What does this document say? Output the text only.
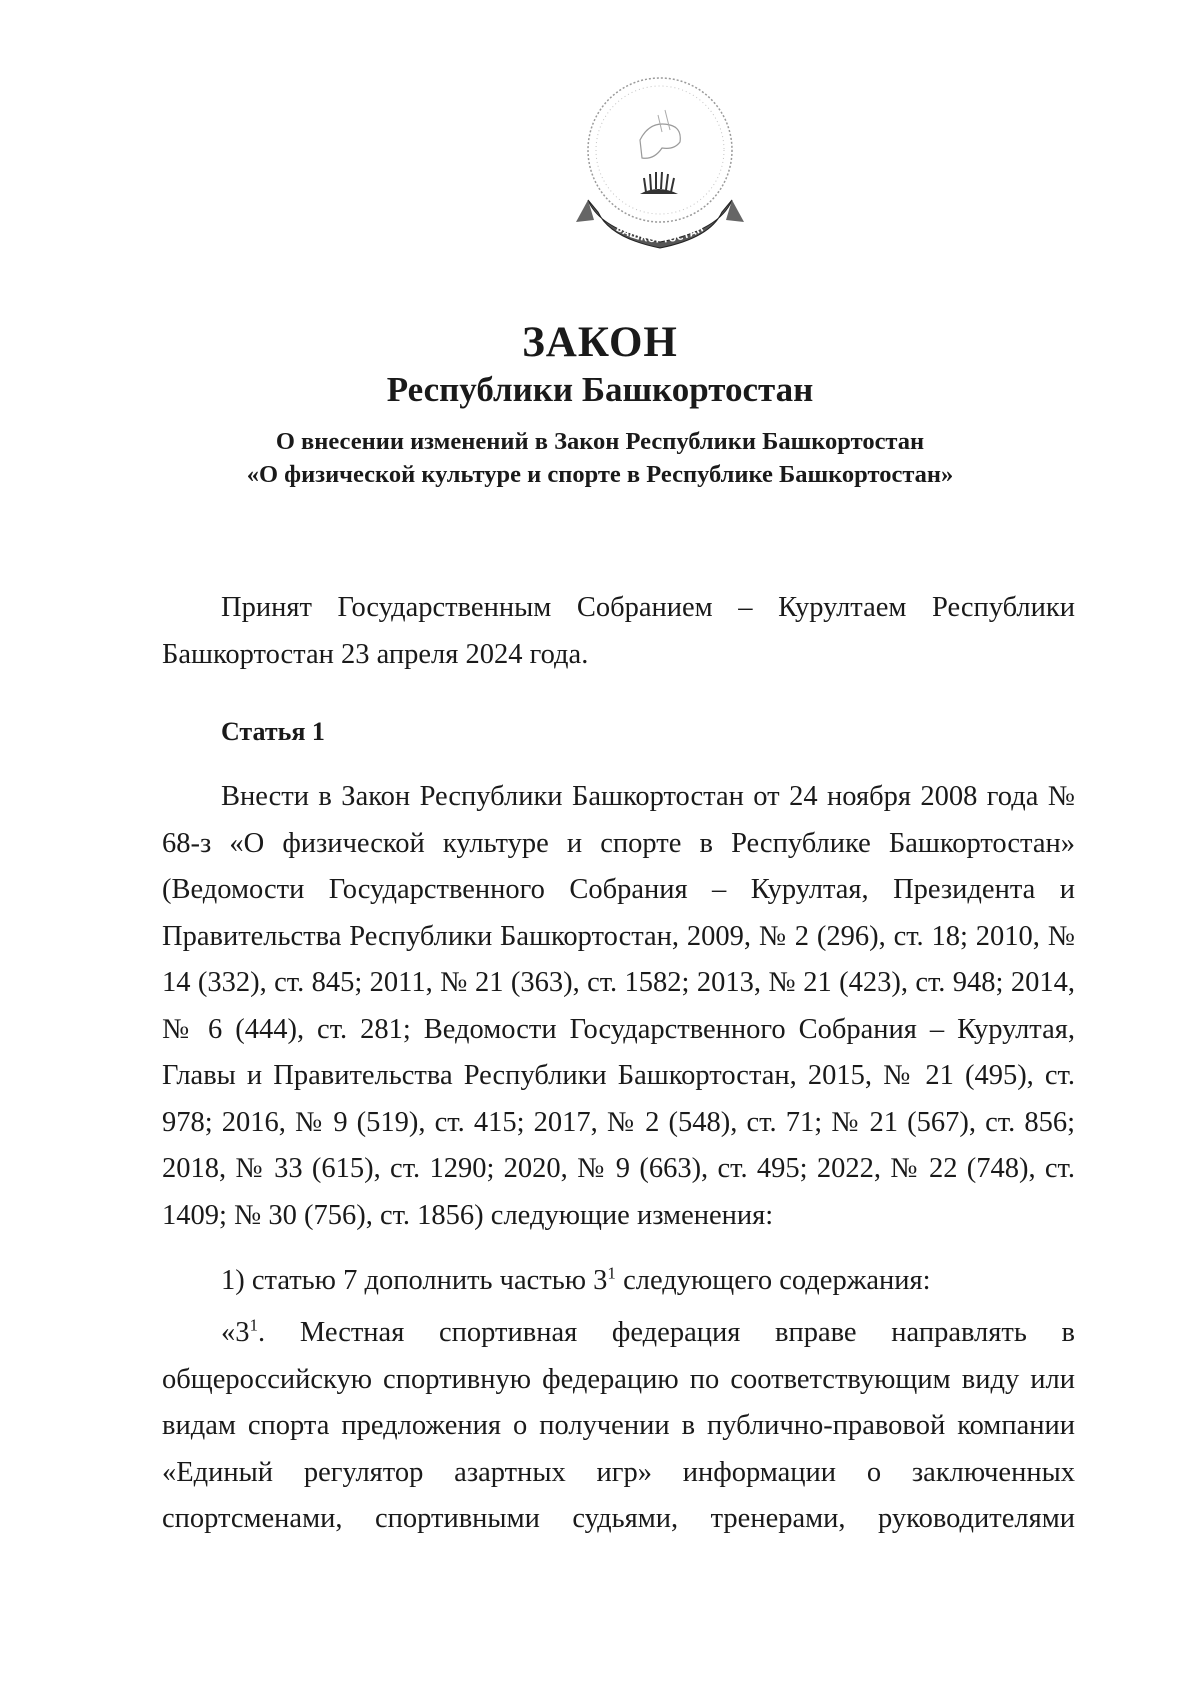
БАШКОРТОСТАН
ЗАКОН
Республики Башкортостан
О внесении изменений в Закон Республики Башкортостан
«О физической культуре и спорте в Республике Башкортостан»
Принят Государственным Собранием – Курултаем Республики Башкортостан 23 апреля 2024 года.
Статья 1
Внести в Закон Республики Башкортостан от 24 ноября 2008 года № 68-з «О физической культуре и спорте в Республике Башкортостан» (Ведомости Государственного Собрания – Курултая, Президента и Правительства Республики Башкортостан, 2009, № 2 (296), ст. 18; 2010, № 14 (332), ст. 845; 2011, № 21 (363), ст. 1582; 2013, № 21 (423), ст. 948; 2014, № 6 (444), ст. 281; Ведомости Государственного Собрания – Курултая, Главы и Правительства Республики Башкортостан, 2015, № 21 (495), ст. 978; 2016, № 9 (519), ст. 415; 2017, № 2 (548), ст. 71; № 21 (567), ст. 856; 2018, № 33 (615), ст. 1290; 2020, № 9 (663), ст. 495; 2022, № 22 (748), ст. 1409; № 30 (756), ст. 1856) следующие изменения:
1) статью 7 дополнить частью $3^1$ следующего содержания:
«$3^1$. Местная спортивная федерация вправе направлять в общероссийскую спортивную федерацию по соответствующим виду или видам спорта предложения о получении в публично-правовой компании «Единый регулятор азартных игр» информации о заключенных спортсменами, спортивными судьями, тренерами, руководителями
